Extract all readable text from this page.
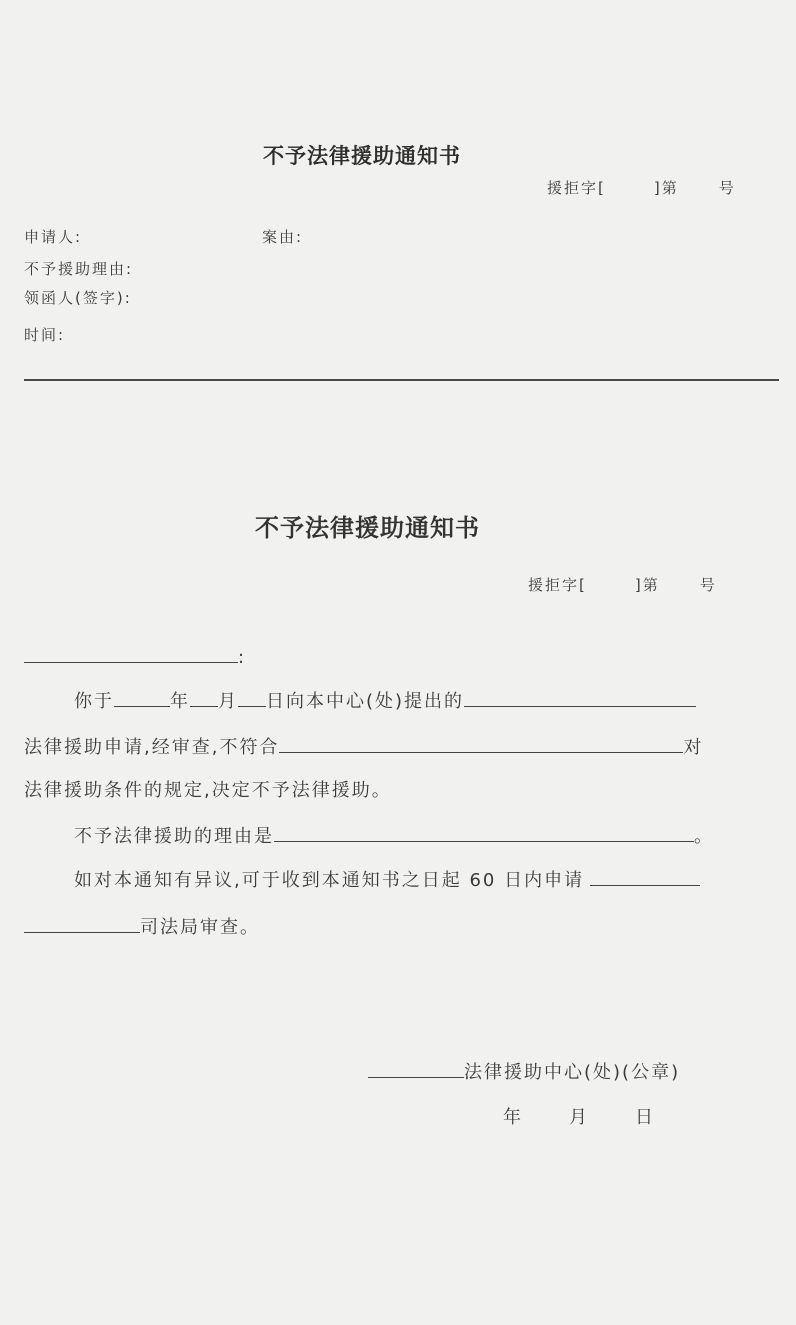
不予法律援助通知书
援拒字[	]第	号
申请人:	案由:
不予援助理由:
领函人(签字):
时间:
不予法律援助通知书
援拒字[	]第	号
:
你于	年 月 日向本中心(处)提出的
法律援助申请,经审查,不符合	对
法律援助条件的规定,决定不予法律援助。
不予法律援助的理由是	。
如对本通知有异议,可于收到本通知书之日起 60 日内申请
司法局审查。
法律援助中心(处)(公章)
年	月	日
